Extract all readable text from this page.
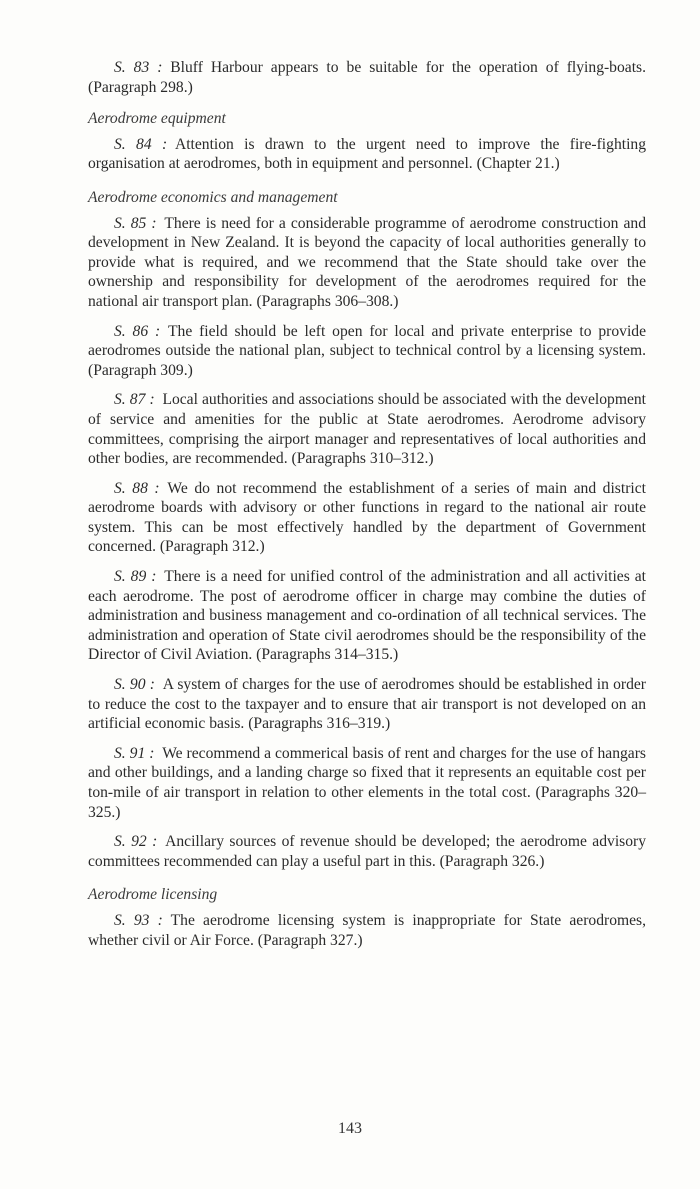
S. 83 :  Bluff Harbour appears to be suitable for the operation of flying-boats. (Paragraph 298.)

Aerodrome equipment

S. 84 :  Attention is drawn to the urgent need to improve the fire-fighting organisation at aerodromes, both in equipment and personnel. (Chapter 21.)

Aerodrome economics and management

S. 85 :  There is need for a considerable programme of aerodrome construction and development in New Zealand. It is beyond the capacity of local authorities generally to provide what is required, and we recommend that the State should take over the ownership and responsibility for development of the aerodromes required for the national air transport plan. (Paragraphs 306–308.)

S. 86 :  The field should be left open for local and private enterprise to provide aerodromes outside the national plan, subject to technical control by a licensing system. (Paragraph 309.)

S. 87 :  Local authorities and associations should be associated with the development of service and amenities for the public at State aerodromes. Aerodrome advisory committees, comprising the airport manager and representatives of local authorities and other bodies, are recommended. (Paragraphs 310–312.)

S. 88 :  We do not recommend the establishment of a series of main and district aerodrome boards with advisory or other functions in regard to the national air route system. This can be most effectively handled by the department of Government concerned. (Paragraph 312.)

S. 89 :  There is a need for unified control of the administration and all activities at each aerodrome. The post of aerodrome officer in charge may combine the duties of administration and business management and co-ordination of all technical services. The administration and operation of State civil aerodromes should be the responsibility of the Director of Civil Aviation. (Paragraphs 314–315.)

S. 90 :  A system of charges for the use of aerodromes should be established in order to reduce the cost to the taxpayer and to ensure that air transport is not developed on an artificial economic basis. (Paragraphs 316–319.)

S. 91 :  We recommend a commerical basis of rent and charges for the use of hangars and other buildings, and a landing charge so fixed that it represents an equitable cost per ton-mile of air transport in relation to other elements in the total cost. (Paragraphs 320–325.)

S. 92 :  Ancillary sources of revenue should be developed; the aerodrome advisory committees recommended can play a useful part in this. (Paragraph 326.)

Aerodrome licensing

S. 93 :  The aerodrome licensing system is inappropriate for State aerodromes, whether civil or Air Force. (Paragraph 327.)

143
